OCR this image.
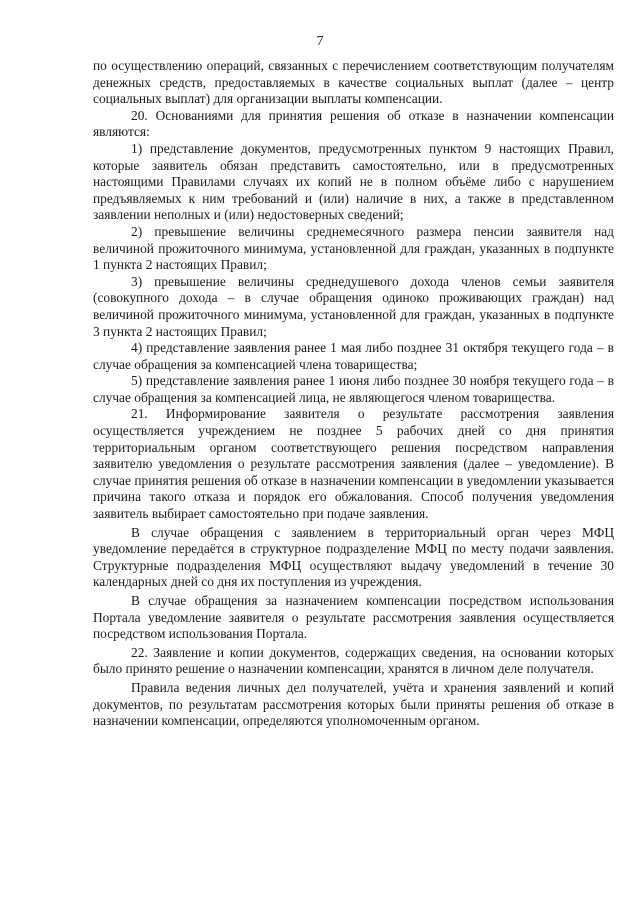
7

по осуществлению операций, связанных с перечислением соответствующим получателям денежных средств, предоставляемых в качестве социальных выплат (далее – центр социальных выплат) для организации выплаты компенсации.

20. Основаниями для принятия решения об отказе в назначении компенсации являются:

1) представление документов, предусмотренных пунктом 9 настоящих Правил, которые заявитель обязан представить самостоятельно, или в предусмотренных настоящими Правилами случаях их копий не в полном объёме либо с нарушением предъявляемых к ним требований и (или) наличие в них, а также в представленном заявлении неполных и (или) недостоверных сведений;

2) превышение величины среднемесячного размера пенсии заявителя над величиной прожиточного минимума, установленной для граждан, указанных в подпункте 1 пункта 2 настоящих Правил;

3) превышение величины среднедушевого дохода членов семьи заявителя (совокупного дохода – в случае обращения одиноко проживающих граждан) над величиной прожиточного минимума, установленной для граждан, указанных в подпункте 3 пункта 2 настоящих Правил;

4) представление заявления ранее 1 мая либо позднее 31 октября текущего года – в случае обращения за компенсацией члена товарищества;

5) представление заявления ранее 1 июня либо позднее 30 ноября текущего года – в случае обращения за компенсацией лица, не являющегося членом товарищества.

21. Информирование заявителя о результате рассмотрения заявления осуществляется учреждением не позднее 5 рабочих дней со дня принятия территориальным органом соответствующего решения посредством направления заявителю уведомления о результате рассмотрения заявления (далее – уведомление). В случае принятия решения об отказе в назначении компенсации в уведомлении указывается причина такого отказа и порядок его обжалования. Способ получения уведомления заявитель выбирает самостоятельно при подаче заявления.

В случае обращения с заявлением в территориальный орган через МФЦ уведомление передаётся в структурное подразделение МФЦ по месту подачи заявления. Структурные подразделения МФЦ осуществляют выдачу уведомлений в течение 30 календарных дней со дня их поступления из учреждения.

В случае обращения за назначением компенсации посредством использования Портала уведомление заявителя о результате рассмотрения заявления осуществляется посредством использования Портала.

22. Заявление и копии документов, содержащих сведения, на основании которых было принято решение о назначении компенсации, хранятся в личном деле получателя.

Правила ведения личных дел получателей, учёта и хранения заявлений и копий документов, по результатам рассмотрения которых были приняты решения об отказе в назначении компенсации, определяются уполномоченным органом.
